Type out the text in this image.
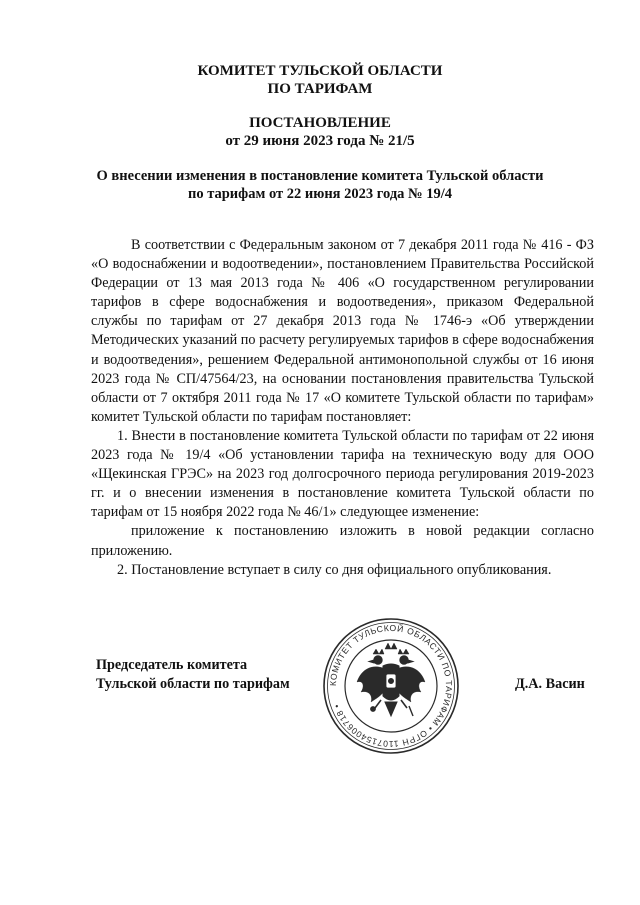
КОМИТЕТ ТУЛЬСКОЙ ОБЛАСТИ
ПО ТАРИФАМ
ПОСТАНОВЛЕНИЕ
от 29 июня 2023 года № 21/5
О внесении изменения в постановление комитета Тульской области
по тарифам от 22 июня 2023 года № 19/4

В соответствии с Федеральным законом от 7 декабря 2011 года № 416 - ФЗ «О водоснабжении и водоотведении», постановлением Правительства Российской Федерации от 13 мая 2013 года № 406 «О государственном регулировании тарифов в сфере водоснабжения и водоотведения», приказом Федеральной службы по тарифам от 27 декабря 2013 года № 1746-э «Об утверждении Методических указаний по расчету регулируемых тарифов в сфере водоснабжения и водоотведения», решением Федеральной антимонопольной службы от 16 июня 2023 года № СП/47564/23, на основании постановления правительства Тульской области от 7 октября 2011 года № 17 «О комитете Тульской области по тарифам» комитет Тульской области по тарифам постановляет:

1. Внести в постановление комитета Тульской области по тарифам от 22 июня 2023 года № 19/4 «Об установлении тарифа на техническую воду для ООО «Щекинская ГРЭС» на 2023 год долгосрочного периода регулирования 2019-2023 гг. и о внесении изменения в постановление комитета Тульской области по тарифам от 15 ноября 2022 года № 46/1» следующее изменение:

приложение к постановлению изложить в новой редакции согласно приложению.

2. Постановление вступает в силу со дня официального опубликования.

Председатель комитета
Тульской области по тарифам	КОМИТЕТ ТУЛЬСКОЙ ОБЛАСТИ ПО ТАРИФАМ • ОГРН 1107154006718 •
Д.А. Васин
